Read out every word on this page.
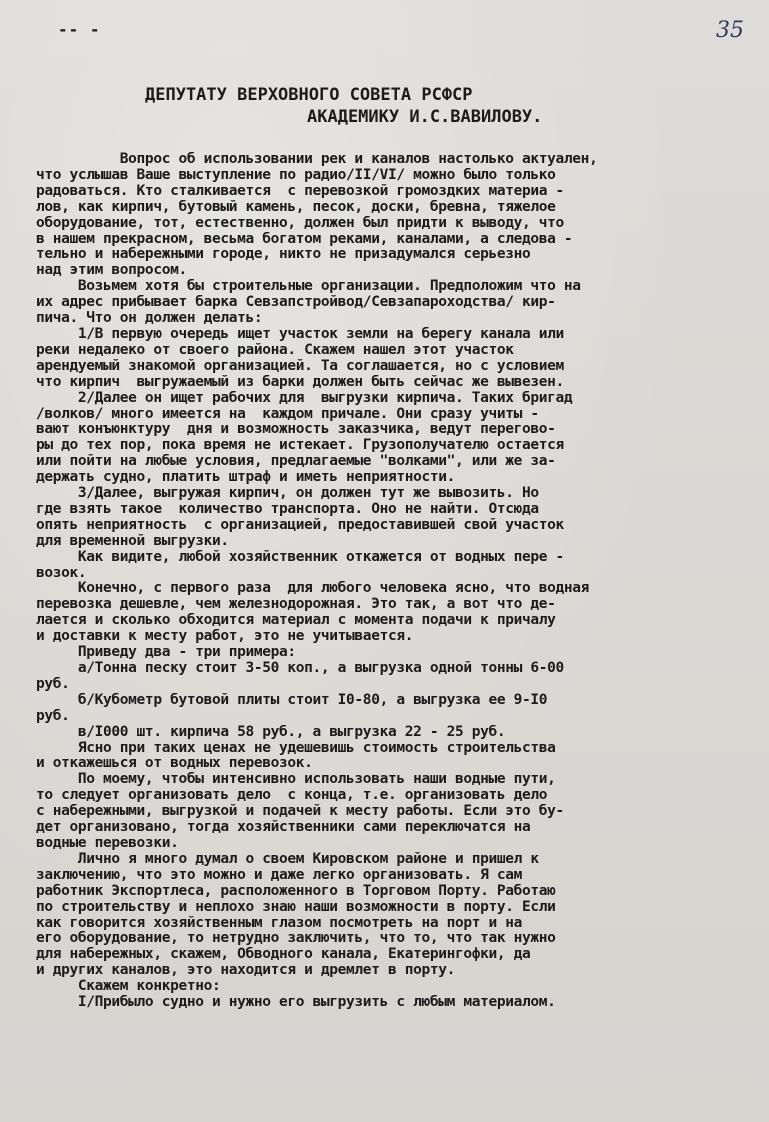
-- -	35
ДЕПУТАТУ ВЕРХОВНОГО СОВЕТА РСФСР
АКАДЕМИКУ И.С.ВАВИЛОВУ.
Вопрос об использовании рек и каналов настолько актуален,
что услышав Ваше выступление по радио/II/VI/ можно было только
радоваться. Кто сталкивается  с перевозкой громоздких материа -
лов, как кирпич, бутовый камень, песок, доски, бревна, тяжелое
оборудование, тот, естественно, должен был придти к выводу, что
в нашем прекрасном, весьма богатом реками, каналами, а следова -
тельно и набережными городе, никто не призадумался серьезно
над этим вопросом.
Возьмем хотя бы строительные организации. Предположим что на
их адрес прибывает барка Севзапстройвод/Севзапароходства/ кир-
пича. Что он должен делать:
1/В первую очередь ищет участок земли на берегу канала или
реки недалеко от своего района. Скажем нашел этот участок
арендуемый знакомой организацией. Та соглашается, но с условием
что кирпич  выгружаемый из барки должен быть сейчас же вывезен.
2/Далее он ищет рабочих для  выгрузки кирпича. Таких бригад
/волков/ много имеется на  каждом причале. Они сразу учиты -
вают конъюнктуру  дня и возможность заказчика, ведут перегово-
ры до тех пор, пока время не истекает. Грузополучателю остается
или пойти на любые условия, предлагаемые "волками", или же за-
держать судно, платить штраф и иметь неприятности.
3/Далее, выгружая кирпич, он должен тут же вывозить. Но
где взять такое  количество транспорта. Оно не найти. Отсюда
опять неприятность  с организацией, предоставившей свой участок
для временной выгрузки.
Как видите, любой хозяйственник откажется от водных пере -
возок.
Конечно, с первого раза  для любого человека ясно, что водная
перевозка дешевле, чем железнодорожная. Это так, а вот что де-
лается и сколько обходится материал с момента подачи к причалу
и доставки к месту работ, это не учитывается.
Приведу два - три примера:
а/Тонна песку стоит 3-50 коп., а выгрузка одной тонны 6-00
руб.
б/Кубометр бутовой плиты стоит I0-80, а выгрузка ее 9-I0
руб.
в/I000 шт. кирпича 58 руб., а выгрузка 22 - 25 руб.
Ясно при таких ценах не удешевишь стоимость строительства
и откажешься от водных перевозок.
По моему, чтобы интенсивно использовать наши водные пути,
то следует организовать дело  с конца, т.е. организовать дело
с набережными, выгрузкой и подачей к месту работы. Если это бу-
дет организовано, тогда хозяйственники сами переключатся на
водные перевозки.
Лично я много думал о своем Кировском районе и пришел к
заключению, что это можно и даже легко организовать. Я сам
работник Экспортлеса, расположенного в Торговом Порту. Работаю
по строительству и неплохо знаю наши возможности в порту. Если
как говорится хозяйственным глазом посмотреть на порт и на
его оборудование, то нетрудно заключить, что то, что так нужно
для набережных, скажем, Обводного канала, Екатерингофки, да
и других каналов, это находится и дремлет в порту.
Скажем конкретно:
I/Прибыло судно и нужно его выгрузить с любым материалом.
